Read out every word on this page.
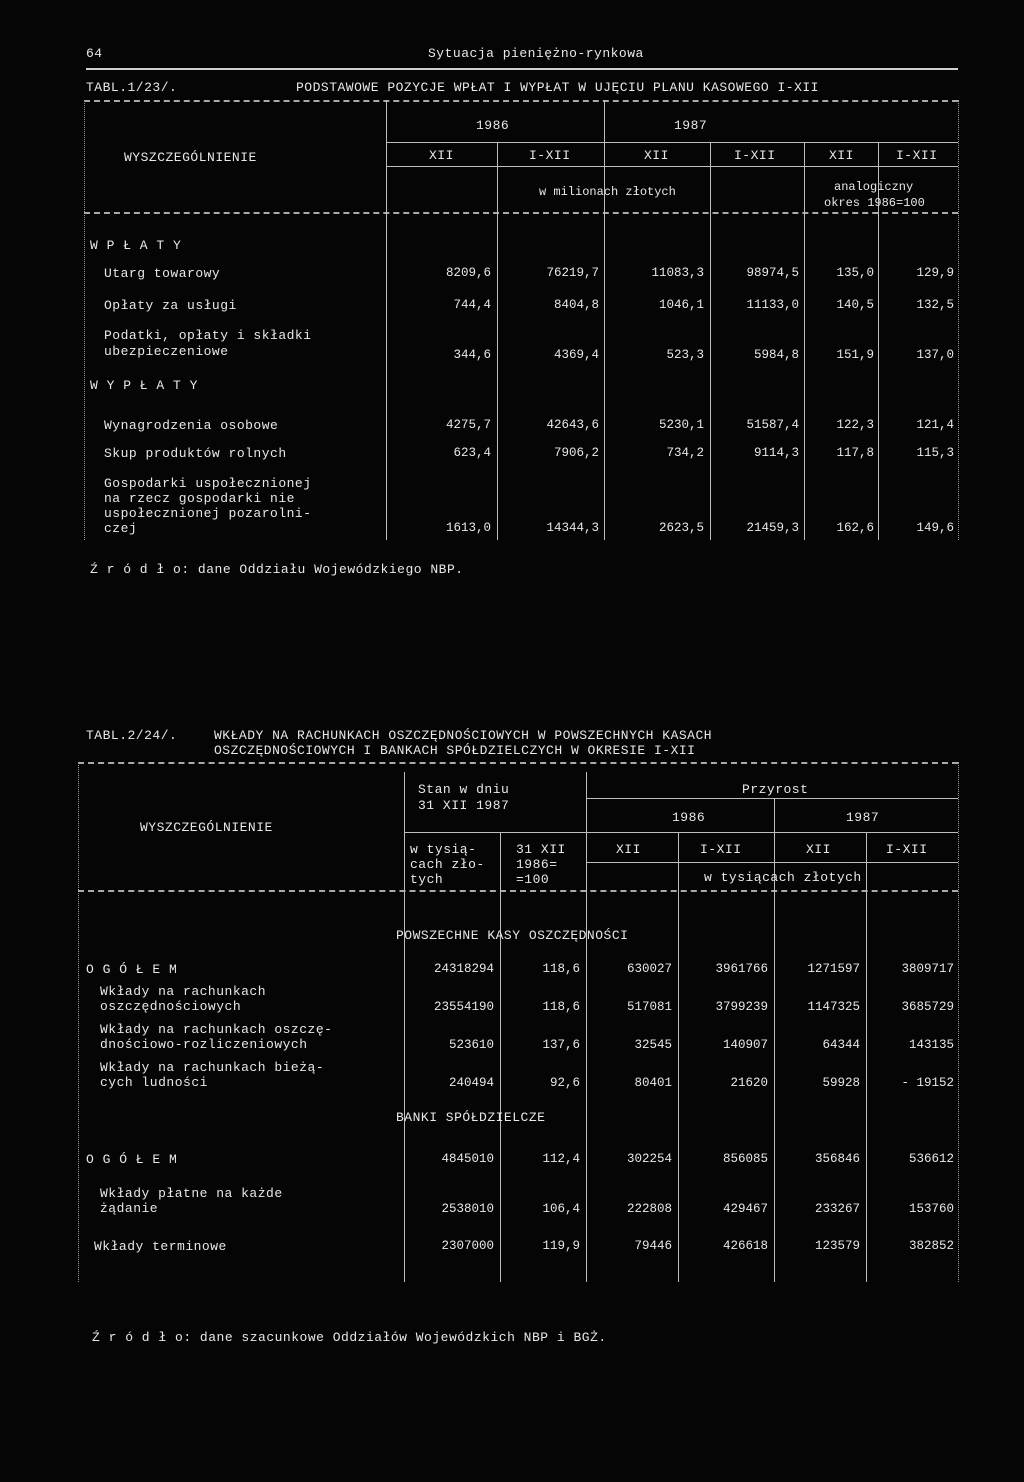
64	Sytuacja pieniężno-rynkowa
TABL.1/23/.	PODSTAWOWE POZYCJE WPŁAT I WYPŁAT W UJĘCIU PLANU KASOWEGO I-XII
WYSZCZEGÓLNIENIE
1986	1987
XII	I-XII	XII	I-XII	XII	I-XII
w milionach złotych	analogiczny
okres 1986=100
W P Ł A T Y
Utarg towarowy	8209,6	76219,7	11083,3	98974,5	135,0	129,9
Opłaty za usługi	744,4	8404,8	1046,1	11133,0	140,5	132,5
Podatki, opłaty i składki
ubezpieczeniowe	344,6	4369,4	523,3	5984,8	151,9	137,0
W Y P Ł A T Y
Wynagrodzenia osobowe	4275,7	42643,6	5230,1	51587,4	122,3	121,4
Skup produktów rolnych	623,4	7906,2	734,2	9114,3	117,8	115,3
Gospodarki uspołecznionej
na rzecz gospodarki nie
uspołecznionej pozarolni-
czej	1613,0	14344,3	2623,5	21459,3	162,6	149,6
Ź r ó d ł o: dane Oddziału Wojewódzkiego NBP.
TABL.2/24/.	WKŁADY NA RACHUNKACH OSZCZĘDNOŚCIOWYCH W POWSZECHNYCH KASACH
OSZCZĘDNOŚCIOWYCH I BANKACH SPÓŁDZIELCZYCH W OKRESIE I-XII
WYSZCZEGÓLNIENIE
Stan w dniu
31 XII 1987
w tysią-
cach zło-
tych
31 XII
1986=
=100
Przyrost
1986	1987
XII	I-XII	XII	I-XII
w tysiącach złotych
POWSZECHNE KASY OSZCZĘDNOŚCI
O G Ó Ł E M	24318294	118,6	630027	3961766	1271597	3809717
Wkłady na rachunkach
oszczędnościowych	23554190	118,6	517081	3799239	1147325	3685729
Wkłady na rachunkach oszczę-
dnościowo-rozliczeniowych	523610	137,6	32545	140907	64344	143135
Wkłady na rachunkach bieżą-
cych ludności	240494	92,6	80401	21620	59928	- 19152
BANKI SPÓŁDZIELCZE
O G Ó Ł E M	4845010	112,4	302254	856085	356846	536612
Wkłady płatne na każde
żądanie	2538010	106,4	222808	429467	233267	153760
Wkłady terminowe	2307000	119,9	79446	426618	123579	382852
Ź r ó d ł o: dane szacunkowe Oddziałów Wojewódzkich NBP i BGŻ.
